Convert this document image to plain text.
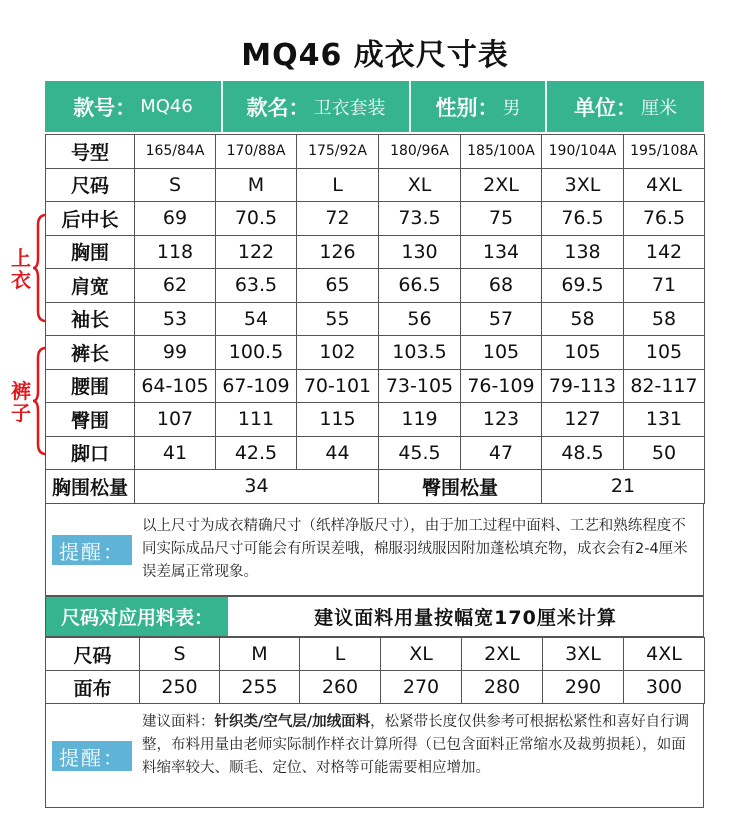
MQ46 成衣尺寸表
款号： MQ46	款名： 卫衣套装 性别： 男	单位： 厘米
号型	165/84A	170/88A	175/92A	180/96A	185/100A	190/104A	195/108A
尺码	S	M	L	XL	2XL	3XL	4XL
后中长	69	70.5	72	73.5	75	76.5	76.5
胸围	118	122	126	130	134	138	142
肩宽	62	63.5	65	66.5	68	69.5	71
袖长	53	54	55	56	57	58	58
裤长	99	100.5	102	103.5	105	105	105
腰围	64-105	67-109	70-101	73-105	76-109	79-113	82-117
臀围	107	111	115	119	123	127	131
脚口	41	42.5	44	45.5	47	48.5	50
胸围松量	34			臀围松量		21	
上衣
裤子
提醒：
以上尺寸为成衣精确尺寸（纸样净版尺寸），由于加工过程中面料、工艺和熟练程度不同实际成品尺寸可能会有所误差哦，棉服羽绒服因附加蓬松填充物，成衣会有2-4厘米误差属正常现象。
尺码对应用料表：	建议面料用量按幅宽170厘米计算
尺码	S	M	L	XL	2XL	3XL	4XL
面布	250	255	260	270	280	290	300
提醒：
建议面料：针织类/空气层/加绒面料，松紧带长度仅供参考可根据松紧性和喜好自行调整，布料用量由老师实际制作样衣计算所得（已包含面料正常缩水及裁剪损耗），如面料缩率较大、顺毛、定位、对格等可能需要相应增加。
